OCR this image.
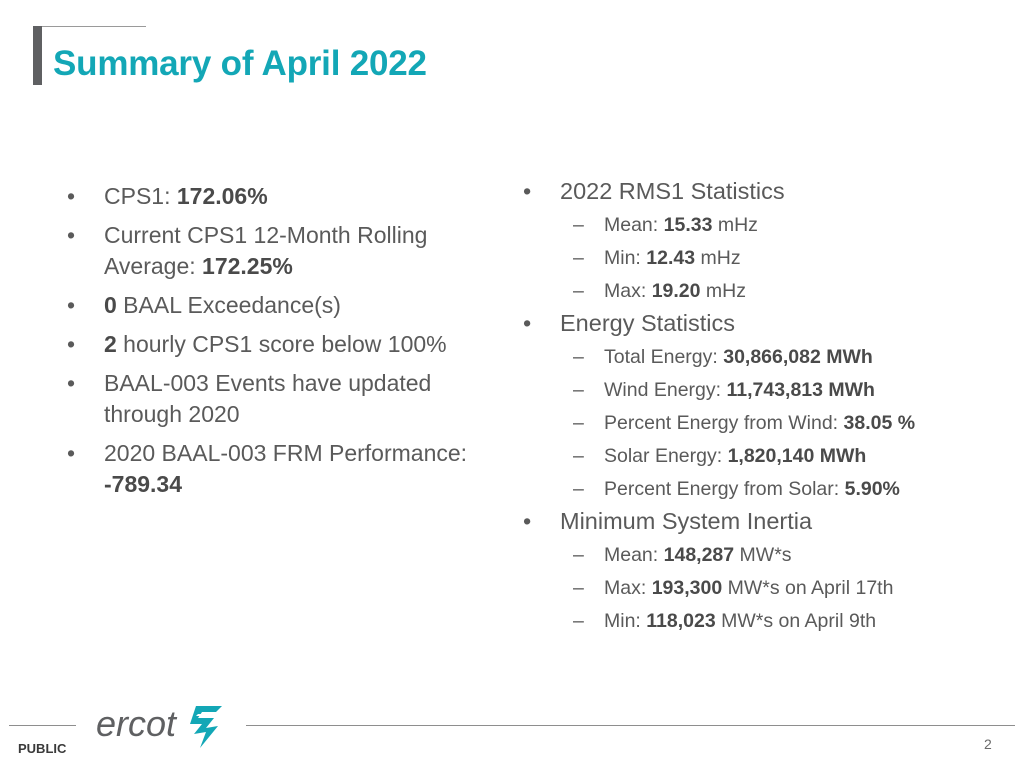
Summary of April 2022
• CPS1: 172.06%
• Current CPS1 12-Month Rolling Average: 172.25%
• 0 BAAL Exceedance(s)
• 2 hourly CPS1 score below 100%
• BAAL-003 Events have updated through 2020
• 2020 BAAL-003 FRM Performance: -789.34
• 2022 RMS1 Statistics
– Mean: 15.33 mHz
– Min: 12.43 mHz
– Max: 19.20 mHz
• Energy Statistics
– Total Energy: 30,866,082 MWh
– Wind Energy: 11,743,813 MWh
– Percent Energy from Wind: 38.05 %
– Solar Energy: 1,820,140 MWh
– Percent Energy from Solar: 5.90%
• Minimum System Inertia
– Mean: 148,287 MW*s
– Max: 193,300 MW*s on April 17th
– Min: 118,023 MW*s on April 9th
ercot
PUBLIC	2
